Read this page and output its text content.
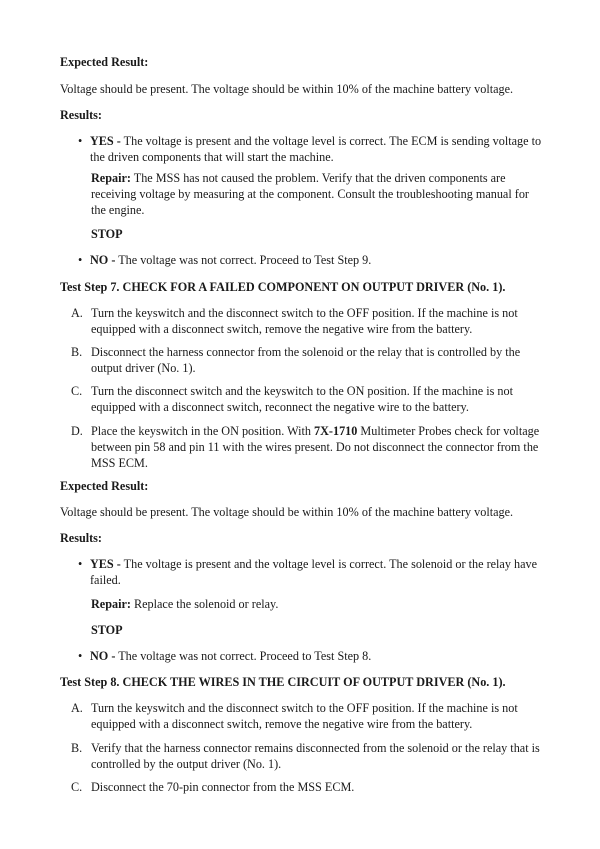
Expected Result:
Voltage should be present. The voltage should be within 10% of the machine battery voltage.
Results:
• YES - The voltage is present and the voltage level is correct. The ECM is sending voltage to the driven components that will start the machine.
Repair: The MSS has not caused the problem. Verify that the driven components are receiving voltage by measuring at the component. Consult the troubleshooting manual for the engine.
STOP
• NO - The voltage was not correct. Proceed to Test Step 9.
Test Step 7. CHECK FOR A FAILED COMPONENT ON OUTPUT DRIVER (No. 1).
A. Turn the keyswitch and the disconnect switch to the OFF position. If the machine is not equipped with a disconnect switch, remove the negative wire from the battery.
B. Disconnect the harness connector from the solenoid or the relay that is controlled by the output driver (No. 1).
C. Turn the disconnect switch and the keyswitch to the ON position. If the machine is not equipped with a disconnect switch, reconnect the negative wire to the battery.
D. Place the keyswitch in the ON position. With 7X-1710 Multimeter Probes check for voltage between pin 58 and pin 11 with the wires present. Do not disconnect the connector from the MSS ECM.
Expected Result:
Voltage should be present. The voltage should be within 10% of the machine battery voltage.
Results:
• YES - The voltage is present and the voltage level is correct. The solenoid or the relay have failed.
Repair: Replace the solenoid or relay.
STOP
• NO - The voltage was not correct. Proceed to Test Step 8.
Test Step 8. CHECK THE WIRES IN THE CIRCUIT OF OUTPUT DRIVER (No. 1).
A. Turn the keyswitch and the disconnect switch to the OFF position. If the machine is not equipped with a disconnect switch, remove the negative wire from the battery.
B. Verify that the harness connector remains disconnected from the solenoid or the relay that is controlled by the output driver (No. 1).
C. Disconnect the 70-pin connector from the MSS ECM.
